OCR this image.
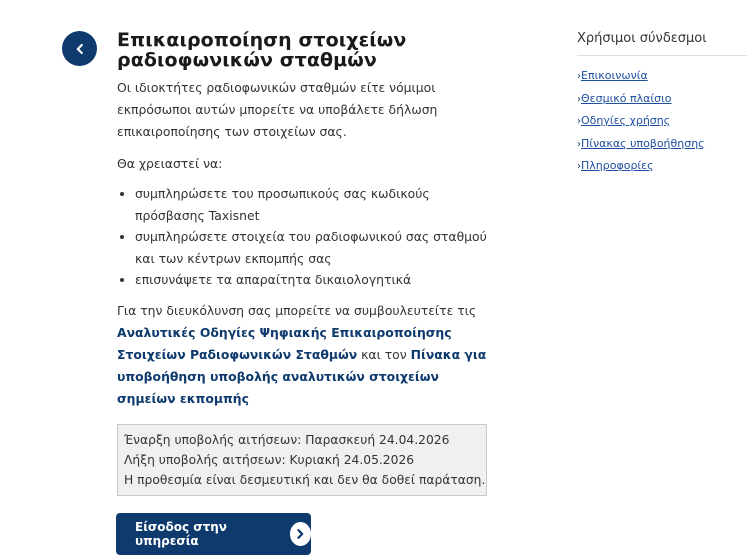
Επικαιροποίηση στοιχείων ραδιοφωνικών σταθμών

Οι ιδιοκτήτες ραδιοφωνικών σταθμών είτε νόμιμοι εκπρόσωποι αυτών μπορείτε να υποβάλετε δήλωση επικαιροποίησης των στοιχείων σας.

Θα χρειαστεί να:

• συμπληρώσετε του προσωπικούς σας κωδικούς πρόσβασης Taxisnet
• συμπληρώσετε στοιχεία του ραδιοφωνικού σας σταθμού και των κέντρων εκπομπής σας
• επισυνάψετε τα απαραίτητα δικαιολογητικά

Για την διευκόλυνση σας μπορείτε να συμβουλευτείτε τις Αναλυτικές Οδηγίες Ψηφιακής Επικαιροποίησης Στοιχείων Ραδιοφωνικών Σταθμών και τον Πίνακα για υποβοήθηση υποβολής αναλυτικών στοιχείων σημείων εκπομπής

Έναρξη υποβολής αιτήσεων: Παρασκευή 24.04.2026
Λήξη υποβολής αιτήσεων: Κυριακή 24.05.2026
Η προθεσμία είναι δεσμευτική και δεν θα δοθεί παράταση.
Είσοδος στην υπηρεσία
Χρήσιμοι σύνδεσμοι
›Επικοινωνία
›Θεσμικό πλαίσιο
›Οδηγίες χρήσης
›Πίνακας υποβοήθησης
›Πληροφορίες
